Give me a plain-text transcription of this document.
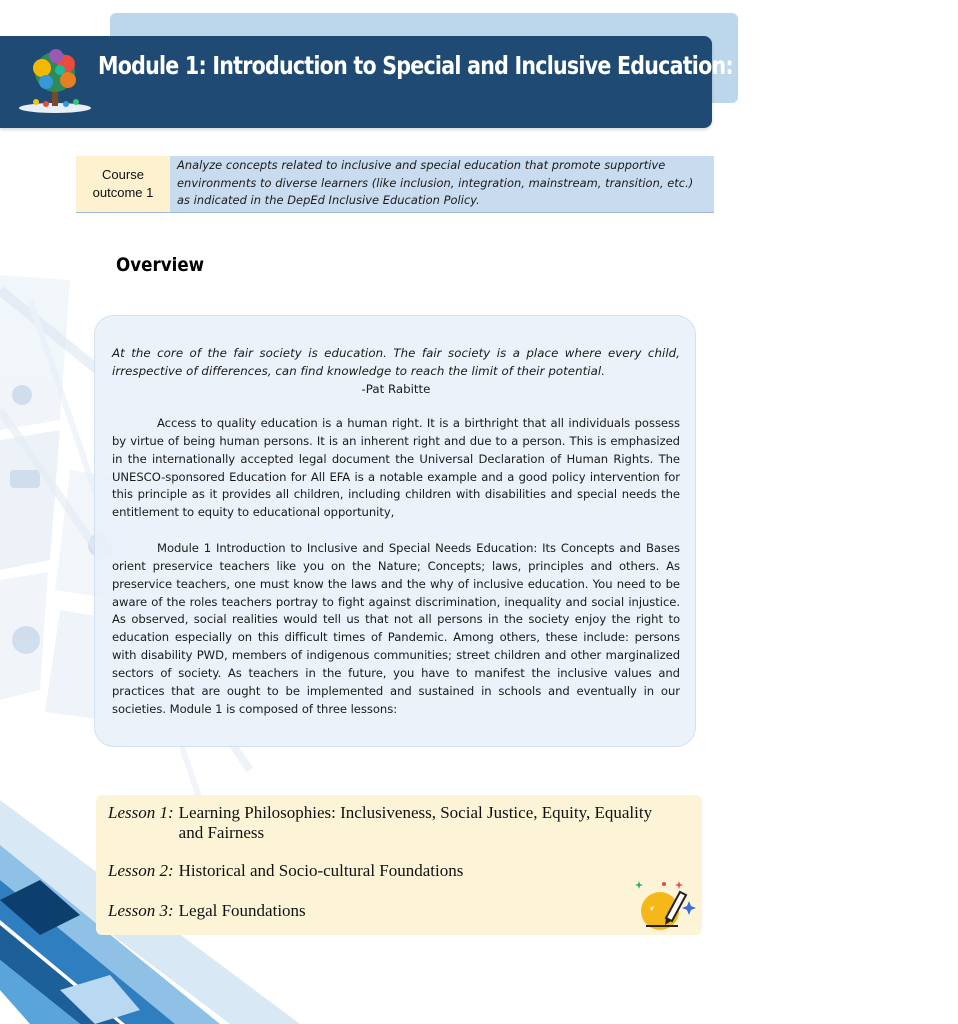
Module 1: Introduction to Special and Inclusive Education: Concepts and Bases
Course outcome 1
Analyze concepts related to inclusive and special education that promote supportive environments to diverse learners (like inclusion, integration, mainstream, transition, etc.) as indicated in the DepEd Inclusive Education Policy.
Overview
At the core of the fair society is education. The fair society is a place where every child, irrespective of differences, can find knowledge to reach the limit of their potential.
-Pat Rabitte

Access to quality education is a human right. It is a birthright that all individuals possess by virtue of being human persons. It is an inherent right and due to a person. This is emphasized in the internationally accepted legal document the Universal Declaration of Human Rights. The UNESCO-sponsored Education for All EFA is a notable example and a good policy intervention for this principle as it provides all children, including children with disabilities and special needs the entitlement to equity to educational opportunity,

Module 1 Introduction to Inclusive and Special Needs Education: Its Concepts and Bases orient preservice teachers like you on the Nature; Concepts; laws, principles and others. As preservice teachers, one must know the laws and the why of inclusive education. You need to be aware of the roles teachers portray to fight against discrimination, inequality and social injustice. As observed, social realities would tell us that not all persons in the society enjoy the right to education especially on this difficult times of Pandemic. Among others, these include: persons with disability PWD, members of indigenous communities; street children and other marginalized sectors of society. As teachers in the future, you have to manifest the inclusive values and practices that are ought to be implemented and sustained in schools and eventually in our societies. Module 1 is composed of three lessons:

Lesson 1: Learning Philosophies: Inclusiveness, Social Justice, Equity, Equality and Fairness
Lesson 2: Historical and Socio-cultural Foundations
Lesson 3: Legal Foundations
